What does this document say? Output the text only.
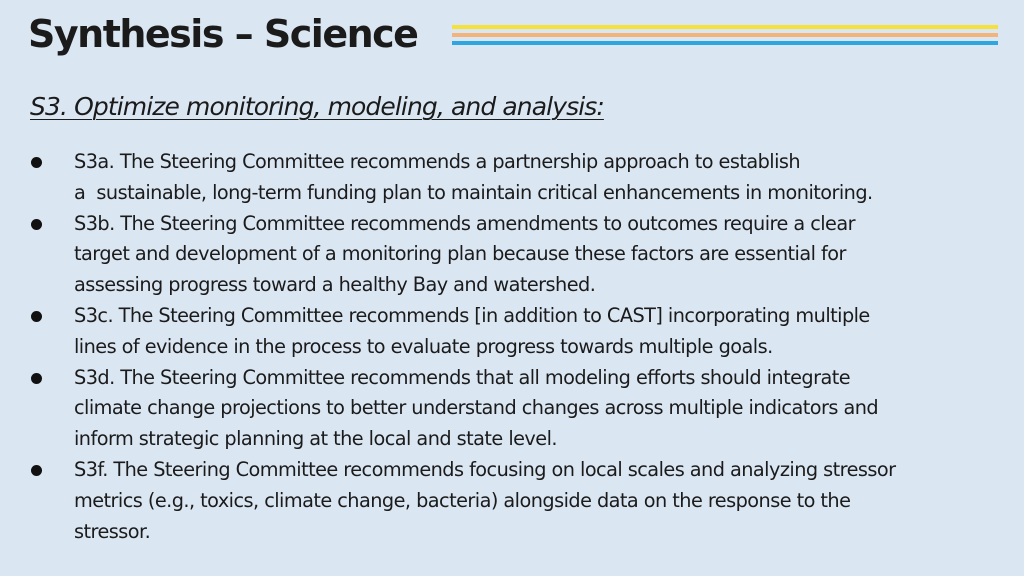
Synthesis – Science
S3. Optimize monitoring, modeling, and analysis:
S3a. The Steering Committee recommends a partnership approach to establish
a  sustainable, long-term funding plan to maintain critical enhancements in monitoring.
S3b. The Steering Committee recommends amendments to outcomes require a clear
target and development of a monitoring plan because these factors are essential for
assessing progress toward a healthy Bay and watershed.
S3c. The Steering Committee recommends [in addition to CAST] incorporating multiple
lines of evidence in the process to evaluate progress towards multiple goals.
S3d. The Steering Committee recommends that all modeling efforts should integrate
climate change projections to better understand changes across multiple indicators and
inform strategic planning at the local and state level.
S3f. The Steering Committee recommends focusing on local scales and analyzing stressor
metrics (e.g., toxics, climate change, bacteria) alongside data on the response to the
stressor.
